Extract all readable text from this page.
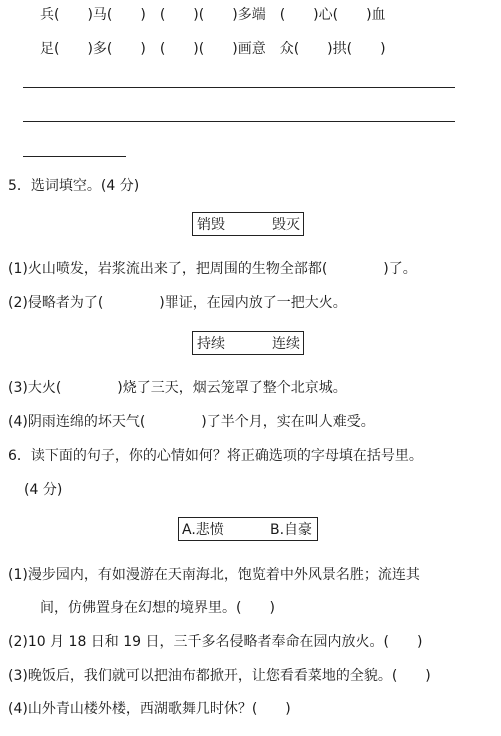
兵(　　)马(　　)　(　　)(　　)多端　(　　)心(　　)血
足(　　)多(　　)　(　　)(　　)画意　众(　　)拱(　　)
5．选词填空。(4 分)
销毁	毁灭
(1)火山喷发，岩浆流出来了，把周围的生物全部都(　　　　)了。
(2)侵略者为了(　　　　)罪证，在园内放了一把大火。
持续	连续
(3)大火(　　　　)烧了三天，烟云笼罩了整个北京城。
(4)阴雨连绵的坏天气(　　　　)了半个月，实在叫人难受。
6．读下面的句子，你的心情如何？将正确选项的字母填在括号里。
(4 分)
A.悲愤	B.自豪
(1)漫步园内，有如漫游在天南海北，饱览着中外风景名胜；流连其
间，仿佛置身在幻想的境界里。(　　)
(2)10 月 18 日和 19 日，三千多名侵略者奉命在园内放火。(　　)
(3)晚饭后，我们就可以把油布都掀开，让您看看菜地的全貌。(　　)
(4)山外青山楼外楼，西湖歌舞几时休？(　　)
